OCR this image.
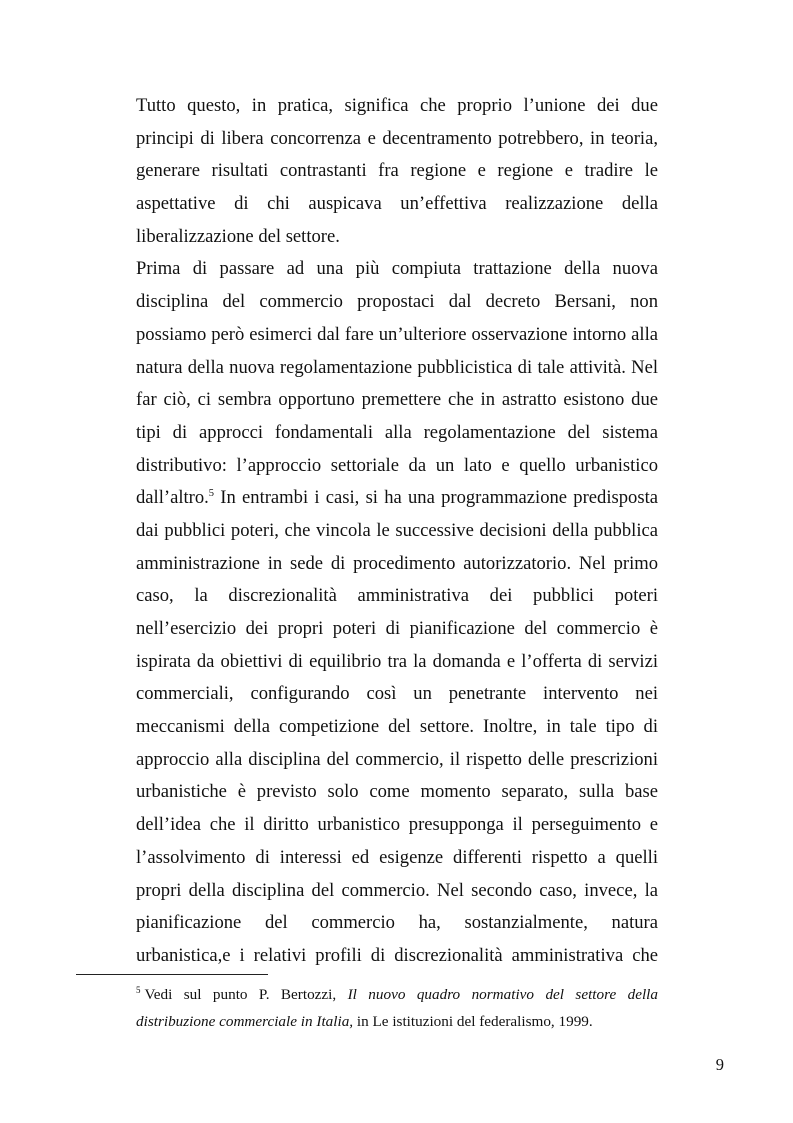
Tutto questo, in pratica, significa che proprio l’unione dei due
principi di libera concorrenza e decentramento potrebbero, in teoria,
generare risultati contrastanti fra regione e regione e tradire le
aspettative di chi auspicava un’effettiva realizzazione della
liberalizzazione del settore.
Prima di passare ad una più compiuta trattazione della nuova
disciplina del commercio propostaci dal decreto Bersani, non
possiamo però esimerci dal fare un’ulteriore osservazione intorno alla
natura della nuova regolamentazione pubblicistica di tale attività. Nel
far ciò, ci sembra opportuno premettere che in astratto esistono due
tipi di approcci fondamentali alla regolamentazione del sistema
distributivo: l’approccio settoriale da un lato e quello urbanistico
dall’altro.$^5$ In entrambi i casi, si ha una programmazione predisposta
dai pubblici poteri, che vincola le successive decisioni della pubblica
amministrazione in sede di procedimento autorizzatorio. Nel primo
caso, la discrezionalità amministrativa dei pubblici poteri
nell’esercizio dei propri poteri di pianificazione del commercio è
ispirata da obiettivi di equilibrio tra la domanda e l’offerta di servizi
commerciali, configurando così un penetrante intervento nei
meccanismi della competizione del settore. Inoltre, in tale tipo di
approccio alla disciplina del commercio, il rispetto delle prescrizioni
urbanistiche è previsto solo come momento separato, sulla base
dell’idea che il diritto urbanistico presupponga il perseguimento e
l’assolvimento di interessi ed esigenze differenti rispetto a quelli
propri della disciplina del commercio. Nel secondo caso, invece, la
pianificazione del commercio ha, sostanzialmente, natura
urbanistica,e i relativi profili di discrezionalità amministrativa che
$^5$ Vedi sul punto P. Bertozzi, Il nuovo quadro normativo del settore della
distribuzione commerciale in Italia, in Le istituzioni del federalismo, 1999.
9
